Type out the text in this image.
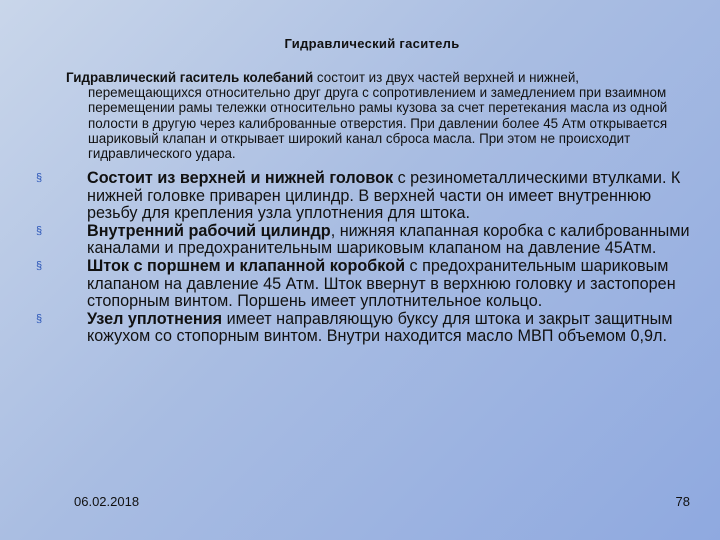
Гидравлический гаситель
Гидравлический гаситель колебаний состоит из двух частей верхней и нижней,
перемещающихся относительно друг друга с сопротивлением и замедлением при взаимном перемещении рамы тележки относительно рамы кузова за счет перетекания масла из одной полости в другую через калиброванные отверстия. При давлении более 45 Атм открывается шариковый клапан и открывает широкий канал сброса масла. При этом не происходит гидравлического удара.
§	Состоит из верхней и нижней головок с резинометаллическими втулками. К нижней головке приварен цилиндр. В верхней части он имеет внутреннюю резьбу для крепления узла уплотнения для штока.
§	Внутренний рабочий цилиндр, нижняя клапанная коробка с калиброванными каналами и предохранительным шариковым клапаном на давление 45Атм.
§	Шток с поршнем и клапанной коробкой с предохранительным шариковым клапаном на давление 45 Атм. Шток ввернут в верхнюю головку и застопорен стопорным винтом. Поршень имеет уплотнительное кольцо.
§	Узел уплотнения имеет направляющую буксу для штока и закрыт защитным кожухом со стопорным винтом. Внутри находится масло МВП объемом 0,9л.
06.02.2018	78
